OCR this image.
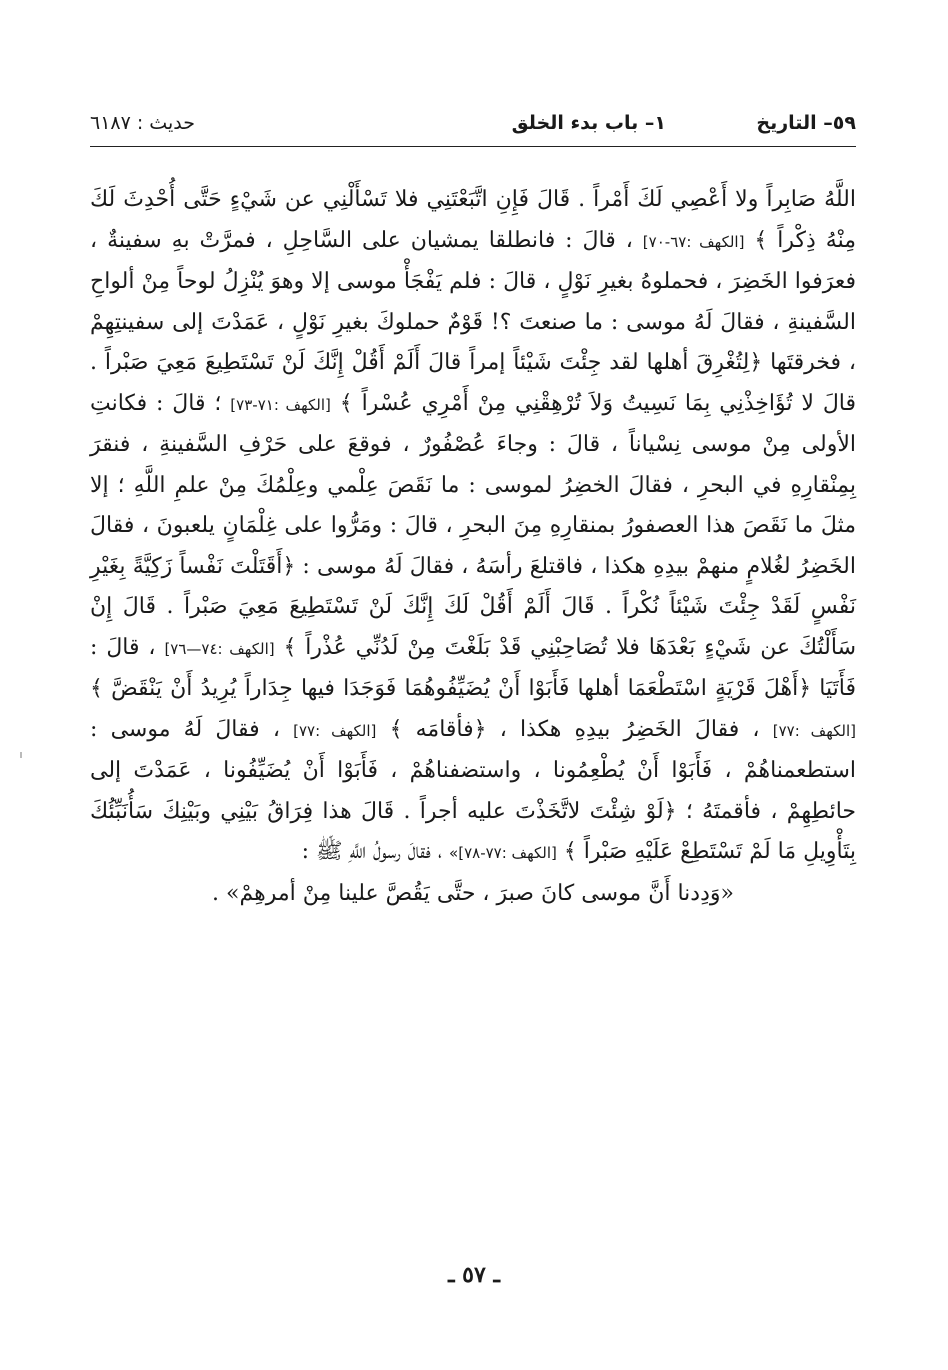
٥٩– التاريخ
١– باب بدء الخلق
حديث : ٦١٨٧
اللَّهُ صَابِراً ولا أَعْصِي لَكَ أَمْراً . قَالَ فَإِنِ اتَّبَعْتَنِي فلا تَسْأَلْنِي عن شَيْءٍ حَتَّى أُحْدِثَ لَكَ مِنْهُ ذِكْراً ﴾ [الكهف :٦٧-٧٠] ، قالَ : فانطلقا يمشيان على السَّاحِلِ ، فمرَّتْ بهِ سفينةٌ ، فعرَفوا الخَضِرَ ، فحملوهُ بغيرِ نَوْلٍ ، قالَ : فلم يَفْجَأْ موسى إلا وهوَ يُنْزِلُ لوحاً مِنْ ألواحِ السَّفينةِ ، فقالَ لَهُ موسى : ما صنعتَ ؟! قَوْمٌ حملوكَ بغيرِ نَوْلٍ ، عَمَدْتَ إلى سفينتِهِمْ ، فخرقتَها ﴿لِتُغْرِقَ أهلها لقد جِئْتَ شَيْئاً إمراً قالَ أَلَمْ أَقُلْ إِنَّكَ لَنْ تَسْتَطِيعَ مَعِيَ صَبْراً . قالَ لا تُؤَاخِذْنِي بِمَا نَسِيتُ وَلاَ تُرْهِقْنِي مِنْ أَمْرِي عُسْراً ﴾ [الكهف :٧١-٧٣] ؛ قالَ : فكانتِ الأولى مِنْ موسى نِسْياناً ، قالَ : وجاءَ عُصْفُورٌ ، فوقعَ على حَرْفِ السَّفينةِ ، فنقرَ بِمِنْقارِهِ في البحرِ ، فقالَ الخضِرُ لموسى : ما نَقَصَ عِلْمي وعِلْمُكَ مِنْ علمِ اللَّهِ ؛ إلا مثلَ ما نَقَصَ هذا العصفورُ بمنقارِهِ مِنَ البحرِ ، قالَ : ومَرُّوا على غِلْمَانٍ يلعبونَ ، فقالَ الخَضِرُ لغُلامٍ منهمْ بيدِهِ هكذا ، فاقتلعَ رأسَهُ ، فقالَ لَهُ موسى : ﴿أَقَتَلْتَ نَفْساً زَكِيَّةً بِغَيْرِ نَفْسٍ لَقَدْ جِئْتَ شَيْئاً نُكْراً . قَالَ أَلَمْ أَقُلْ لَكَ إِنَّكَ لَنْ تَسْتَطِيعَ مَعِيَ صَبْراً . قَالَ إِنْ سَأَلْتُكَ عن شَيْءٍ بَعْدَهَا فلا تُصَاحِبْنِي قَدْ بَلَغْتَ مِنْ لَدُنِّي عُذْراً ﴾ [الكهف :٧٤—٧٦] ، قالَ : فَأَتَيَا ﴿أَهْلَ قَرْيَةٍ اسْتَطْعَمَا أهلها فَأَبَوْا أَنْ يُضَيِّفُوهُمَا فَوَجَدَا فيها جِدَاراً يُرِيدُ أَنْ يَنْقَضَّ ﴾ [الكهف :٧٧] ، فقالَ الخَضِرُ بيدِهِ هكذا ، ﴿فأقامَه ﴾ [الكهف :٧٧] ، فقالَ لَهُ موسى : استطعمناهُمْ ، فَأَبَوْا أَنْ يُطْعِمُونا ، واستضفناهُمْ ، فَأَبَوْا أَنْ يُضَيِّفُونا ، عَمَدْتَ إلى حائطِهِمْ ، فأقمتَهُ ؛ ﴿لَوْ شِئْتَ لاتَّخَذْتَ عليه أجراً . قَالَ هذا فِرَاقُ بَيْنِي وبَيْنِكَ سَأُنَبِّئُكَ بِتَأْوِيلِ مَا لَمْ تَسْتَطِعْ عَلَيْهِ صَبْراً ﴾ [الكهف :٧٧-٧٨]» ، فقالَ رسولُ اللَّهِ ﷺ :
«وَدِدنا أَنَّ موسى كانَ صبرَ ، حتَّى يَقُصَّ علينا مِنْ أمرهِمْ» .
ـ ٥٧ ـ
